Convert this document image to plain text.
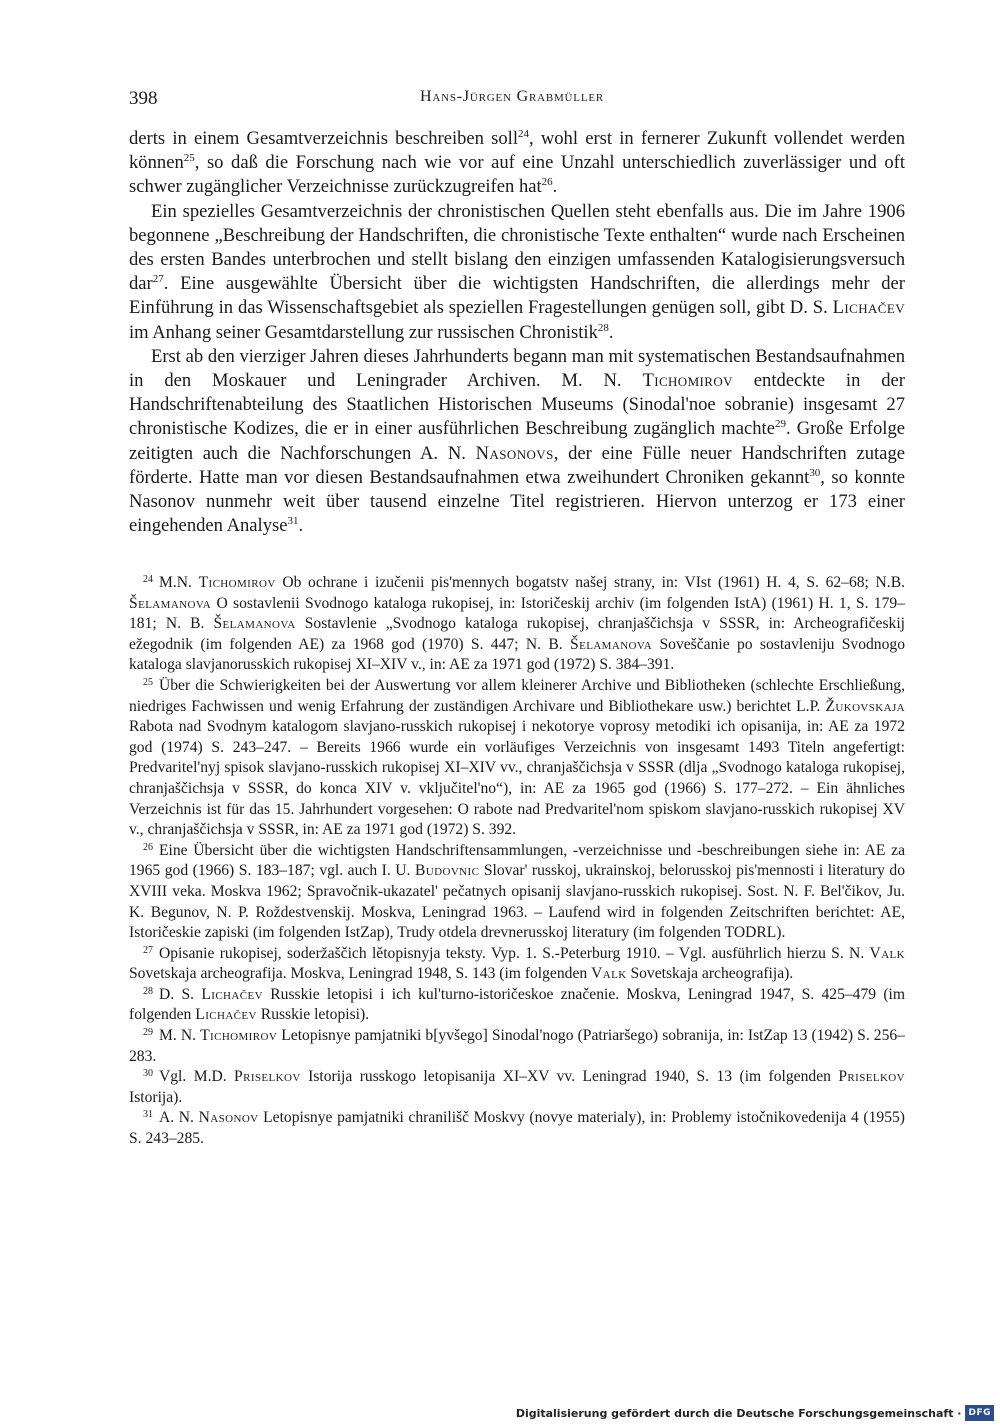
398	Hans-Jürgen Grabmüller

derts in einem Gesamtverzeichnis beschreiben soll$^{24}$, wohl erst in fernerer Zukunft vollendet werden können$^{25}$, so daß die Forschung nach wie vor auf eine Unzahl unterschiedlich zuverlässiger und oft schwer zugänglicher Verzeichnisse zurückzugreifen hat$^{26}$.

Ein spezielles Gesamtverzeichnis der chronistischen Quellen steht ebenfalls aus. Die im Jahre 1906 begonnene „Beschreibung der Handschriften, die chronistische Texte enthalten“ wurde nach Erscheinen des ersten Bandes unterbrochen und stellt bislang den einzigen umfassenden Katalogisierungsversuch dar$^{27}$. Eine ausgewählte Übersicht über die wichtigsten Handschriften, die allerdings mehr der Einführung in das Wissenschaftsgebiet als speziellen Fragestellungen genügen soll, gibt D. S. Lichačev im Anhang seiner Gesamtdarstellung zur russischen Chronistik$^{28}$.

Erst ab den vierziger Jahren dieses Jahrhunderts begann man mit systematischen Bestandsaufnahmen in den Moskauer und Leningrader Archiven. M. N. Tichomirov entdeckte in der Handschriftenabteilung des Staatlichen Historischen Museums (Sinodal'noe sobranie) insgesamt 27 chronistische Kodizes, die er in einer ausführlichen Beschreibung zugänglich machte$^{29}$. Große Erfolge zeitigten auch die Nachforschungen A. N. Nasonovs, der eine Fülle neuer Handschriften zutage förderte. Hatte man vor diesen Bestandsaufnahmen etwa zweihundert Chroniken gekannt$^{30}$, so konnte Nasonov nunmehr weit über tausend einzelne Titel registrieren. Hiervon unterzog er 173 einer eingehenden Analyse$^{31}$.

$^{24}$ M.N. Tichomirov Ob ochrane i izučenii pis'mennych bogatstv našej strany, in: VIst (1961) H. 4, S. 62–68; N.B. Šelamanova O sostavlenii Svodnogo kataloga rukopisej, in: Istoričeskij archiv (im folgenden IstA) (1961) H. 1, S. 179–181; N. B. Šelamanova Sostavlenie „Svodnogo kataloga rukopisej, chranjaščichsja v SSSR, in: Archeografičeskij ežegodnik (im folgenden AE) za 1968 god (1970) S. 447; N. B. Šelamanova Soveščanie po sostavleniju Svodnogo kataloga slavjanorusskich rukopisej XI–XIV v., in: AE za 1971 god (1972) S. 384–391.

$^{25}$ Über die Schwierigkeiten bei der Auswertung vor allem kleinerer Archive und Bibliotheken (schlechte Erschließung, niedriges Fachwissen und wenig Erfahrung der zuständigen Archivare und Bibliothekare usw.) berichtet L.P. Žukovskaja Rabota nad Svodnym katalogom slavjano-russkich rukopisej i nekotorye voprosy metodiki ich opisanija, in: AE za 1972 god (1974) S. 243–247. – Bereits 1966 wurde ein vorläufiges Verzeichnis von insgesamt 1493 Titeln angefertigt: Predvaritel'nyj spisok slavjano-russkich rukopisej XI–XIV vv., chranjaščichsja v SSSR (dlja „Svodnogo kataloga rukopisej, chranjaščichsja v SSSR, do konca XIV v. vključitel'no“), in: AE za 1965 god (1966) S. 177–272. – Ein ähnliches Verzeichnis ist für das 15. Jahrhundert vorgesehen: O rabote nad Predvaritel'nom spiskom slavjano-russkich rukopisej XV v., chranjaščichsja v SSSR, in: AE za 1971 god (1972) S. 392.

$^{26}$ Eine Übersicht über die wichtigsten Handschriftensammlungen, -verzeichnisse und -beschreibungen siehe in: AE za 1965 god (1966) S. 183–187; vgl. auch I. U. Budovnic Slovar' russkoj, ukrainskoj, belorusskoj pis'mennosti i literatury do XVIII veka. Moskva 1962; Spravočnik-ukazatel' pečatnych opisanij slavjano-russkich rukopisej. Sost. N. F. Bel'čikov, Ju. K. Begunov, N. P. Roždestvenskij. Moskva, Leningrad 1963. – Laufend wird in folgenden Zeitschriften berichtet: AE, Istoričeskie zapiski (im folgenden IstZap), Trudy otdela drevnerusskoj literatury (im folgenden TODRL).

$^{27}$ Opisanie rukopisej, soderžaščich lětopisnyja teksty. Vyp. 1. S.-Peterburg 1910. – Vgl. ausführlich hierzu S. N. Valk Sovetskaja archeografija. Moskva, Leningrad 1948, S. 143 (im folgenden Valk Sovetskaja archeografija).

$^{28}$ D. S. Lichačev Russkie letopisi i ich kul'turno-istoričeskoe značenie. Moskva, Leningrad 1947, S. 425–479 (im folgenden Lichačev Russkie letopisi).

$^{29}$ M. N. Tichomirov Letopisnye pamjatniki b[yvšego] Sinodal'nogo (Patriaršego) sobranija, in: IstZap 13 (1942) S. 256–283.

$^{30}$ Vgl. M.D. Priselkov Istorija russkogo letopisanija XI–XV vv. Leningrad 1940, S. 13 (im folgenden Priselkov Istorija).

$^{31}$ A. N. Nasonov Letopisnye pamjatniki chranilišč Moskvy (novye materialy), in: Problemy istočnikovedenija 4 (1955) S. 243–285.

Digitalisierung gefördert durch die Deutsche Forschungsgemeinschaft · DFG
